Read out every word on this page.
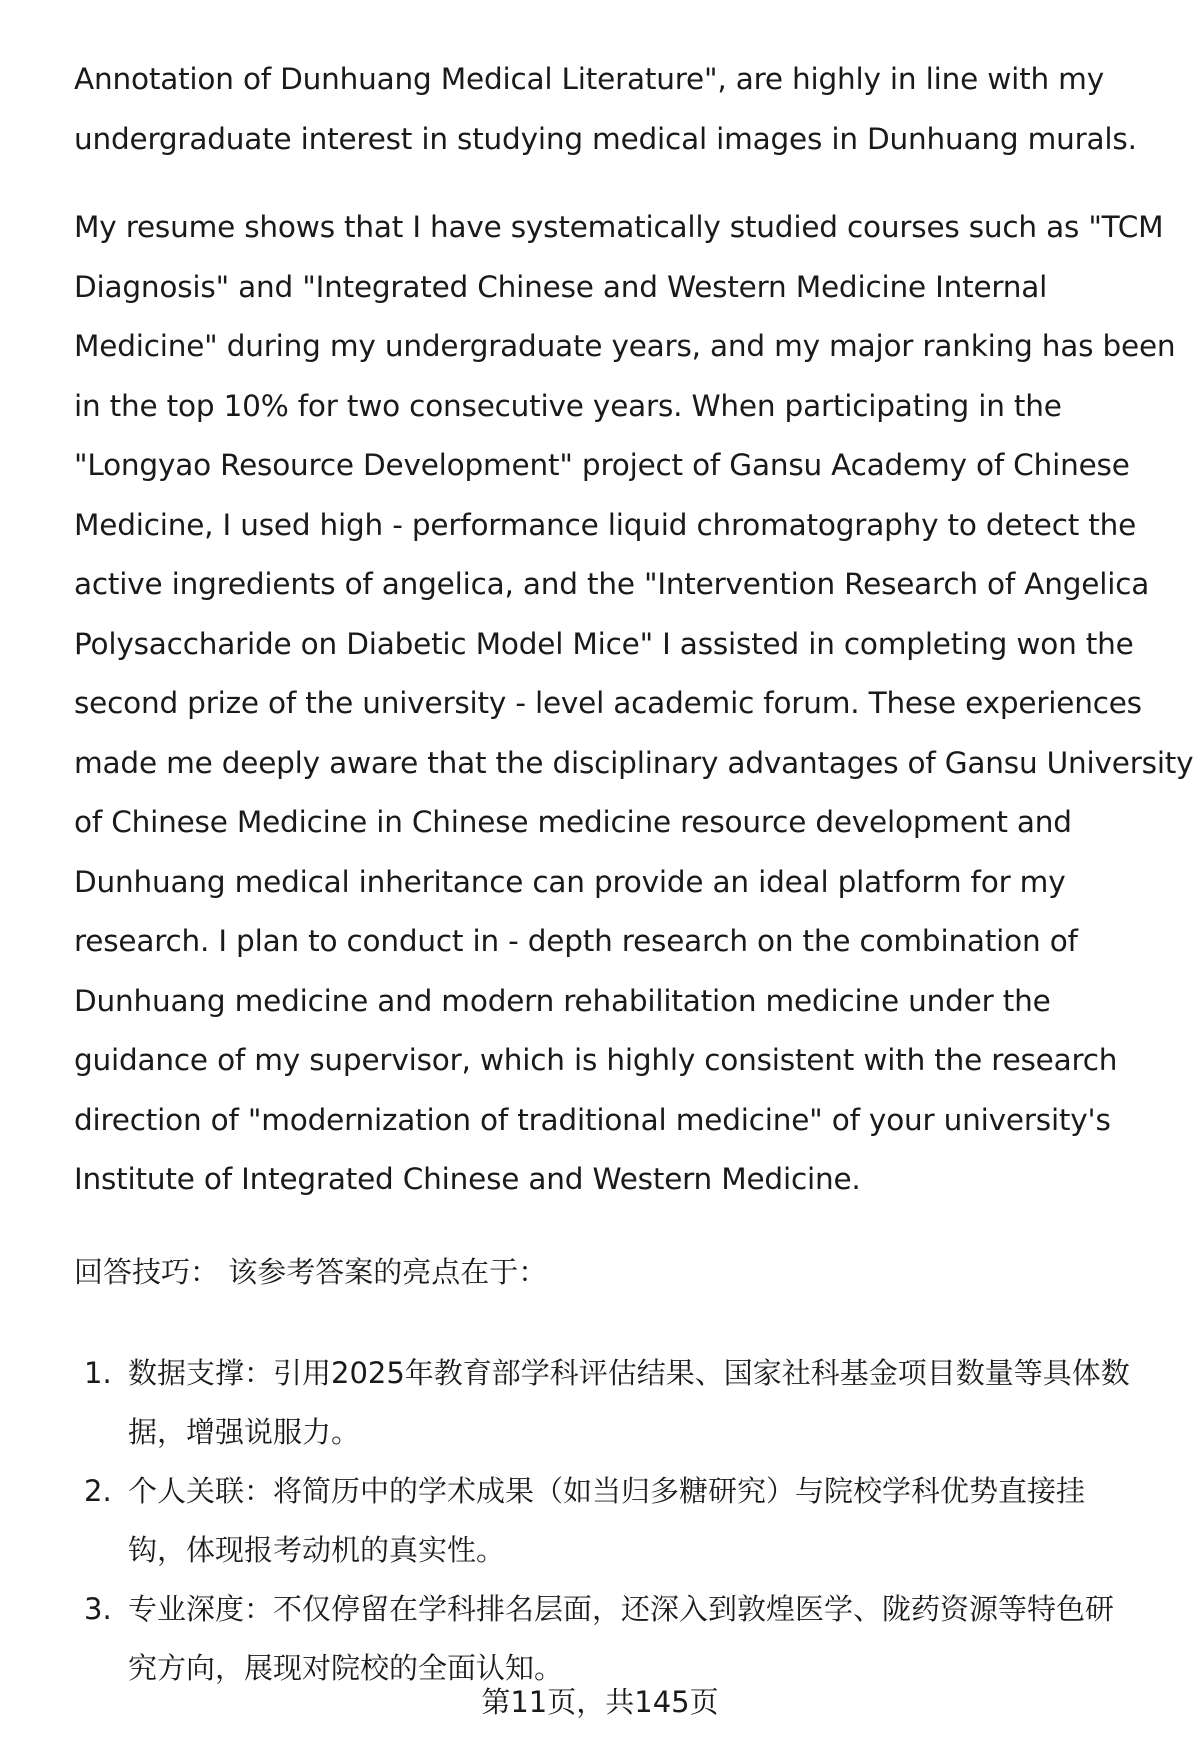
Annotation of Dunhuang Medical Literature", are highly in line with my
undergraduate interest in studying medical images in Dunhuang murals.

My resume shows that I have systematically studied courses such as "TCM
Diagnosis" and "Integrated Chinese and Western Medicine Internal
Medicine" during my undergraduate years, and my major ranking has been
in the top 10% for two consecutive years. When participating in the
"Longyao Resource Development" project of Gansu Academy of Chinese
Medicine, I used high - performance liquid chromatography to detect the
active ingredients of angelica, and the "Intervention Research of Angelica
Polysaccharide on Diabetic Model Mice" I assisted in completing won the
second prize of the university - level academic forum. These experiences
made me deeply aware that the disciplinary advantages of Gansu University
of Chinese Medicine in Chinese medicine resource development and
Dunhuang medical inheritance can provide an ideal platform for my
research. I plan to conduct in - depth research on the combination of
Dunhuang medicine and modern rehabilitation medicine under the
guidance of my supervisor, which is highly consistent with the research
direction of "modernization of traditional medicine" of your university's
Institute of Integrated Chinese and Western Medicine.

回答技巧： 该参考答案的亮点在于：

1. 数据支撑：引用2025年教育部学科评估结果、国家社科基金项目数量等具体数
据，增强说服力。
2. 个人关联：将简历中的学术成果（如当归多糖研究）与院校学科优势直接挂
钩，体现报考动机的真实性。
3. 专业深度：不仅停留在学科排名层面，还深入到敦煌医学、陇药资源等特色研
究方向，展现对院校的全面认知。
第11页，共145页
